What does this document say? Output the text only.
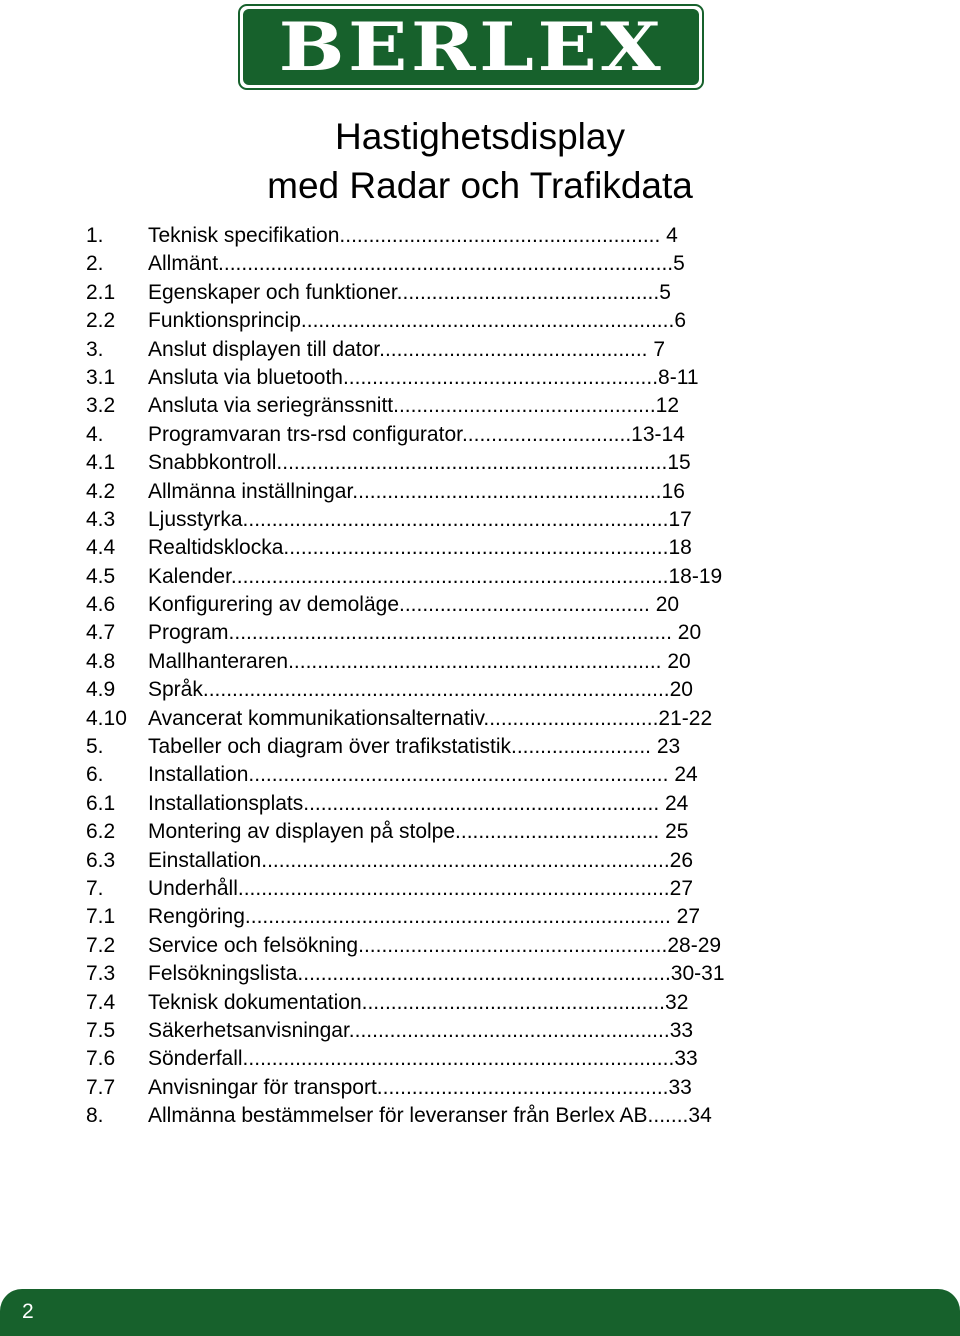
BERLEX
Hastighetsdisplay
med Radar och Trafikdata
1. Teknisk specifikation....................................................... 4
2. Allmänt..............................................................................5
2.1 Egenskaper och funktioner.............................................5
2.2 Funktionsprincip................................................................6
3. Anslut displayen till dator.............................................. 7
3.1 Ansluta via bluetooth......................................................8-11
3.2 Ansluta via seriegränssnitt.............................................12
4. Programvaran trs-rsd configurator.............................13-14
4.1 Snabbkontroll...................................................................15
4.2 Allmänna inställningar.....................................................16
4.3 Ljusstyrka.........................................................................17
4.4 Realtidsklocka..................................................................18
4.5 Kalender...........................................................................18-19
4.6 Konfigurering av demoläge........................................... 20
4.7 Program............................................................................ 20
4.8 Mallhanteraren................................................................ 20
4.9 Språk................................................................................20
4.10 Avancerat kommunikationsalternativ..............................21-22
5. Tabeller och diagram över trafikstatistik........................ 23
6. Installation........................................................................ 24
6.1 Installationsplats............................................................. 24
6.2 Montering av displayen på stolpe................................... 25
6.3 Einstallation......................................................................26
7. Underhåll..........................................................................27
7.1 Rengöring......................................................................... 27
7.2 Service och felsökning.....................................................28-29
7.3 Felsökningslista................................................................30-31
7.4 Teknisk dokumentation....................................................32
7.5 Säkerhetsanvisningar.......................................................33
7.6 Sönderfall..........................................................................33
7.7 Anvisningar för transport..................................................33
8. Allmänna bestämmelser för leveranser från Berlex AB.......34
2
